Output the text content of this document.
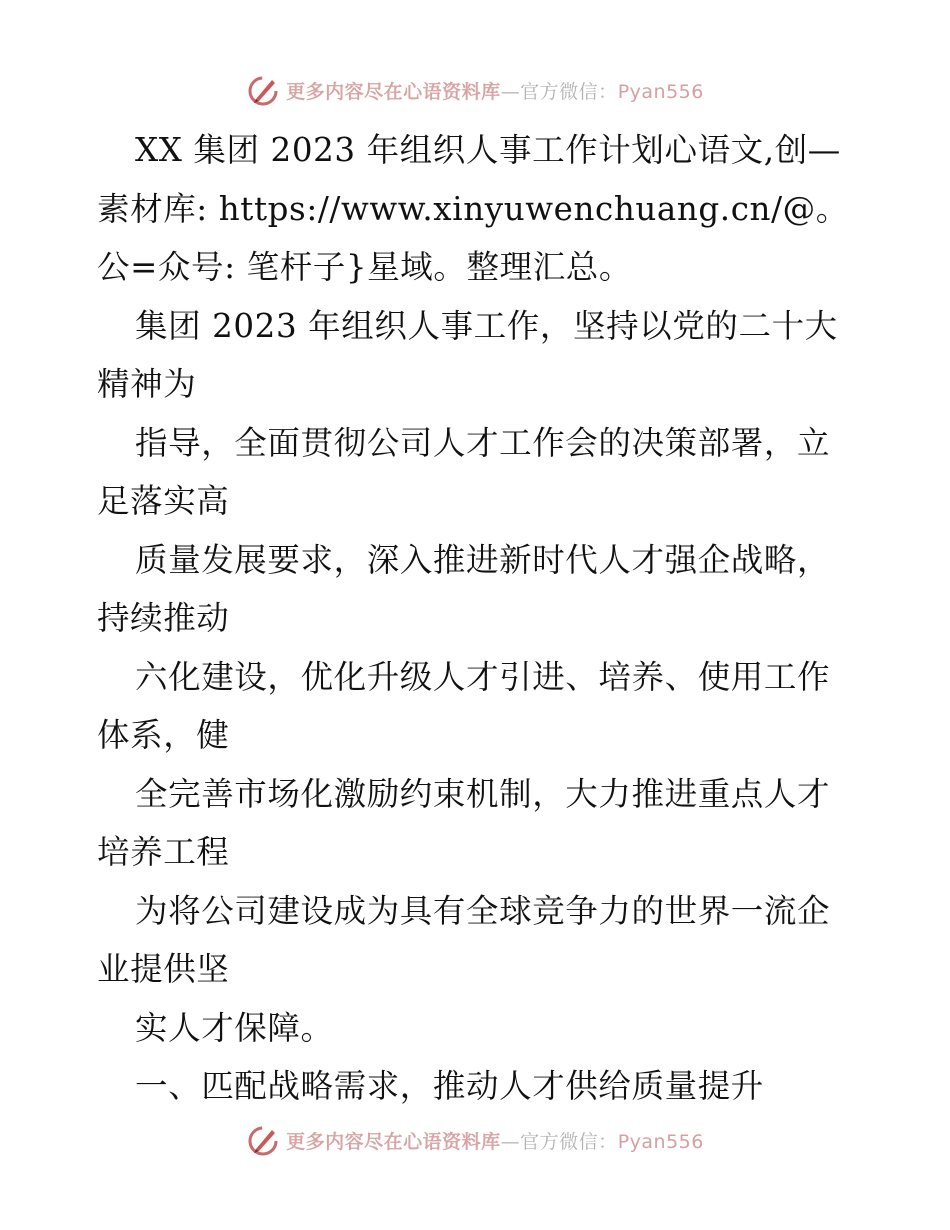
更多内容尽在心语资料库—官方微信：Pyan556

XX 集团 2023 年组织人事工作计划心语文,创—素材库: https://www.xinyuwenchuang.cn/@。公=众号: 笔杆子}星域。整理汇总。

集团 2023 年组织人事工作，坚持以党的二十大精神为

指导，全面贯彻公司人才工作会的决策部署，立足落实高

质量发展要求，深入推进新时代人才强企战略，持续推动

六化建设，优化升级人才引进、培养、使用工作体系，健

全完善市场化激励约束机制，大力推进重点人才培养工程

为将公司建设成为具有全球竞争力的世界一流企业提供坚

实人才保障。

一、匹配战略需求，推动人才供给质量提升

更多内容尽在心语资料库—官方微信：Pyan556
